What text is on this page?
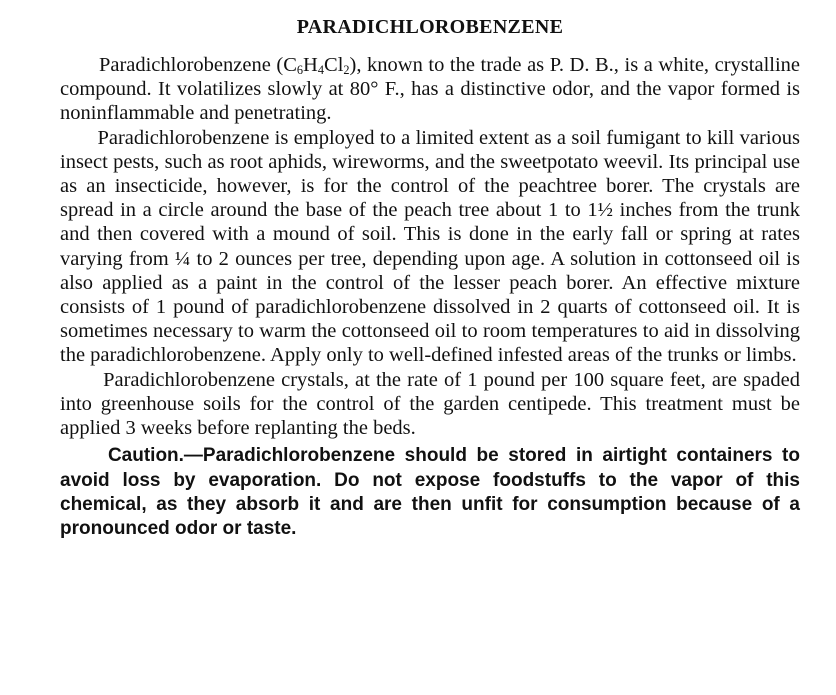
PARADICHLOROBENZENE

Paradichlorobenzene $(C_6H_4Cl_2)$, known to the trade as P. D. B., is a white, crystalline compound. It volatilizes slowly at 80° F., has a distinctive odor, and the vapor formed is noninflammable and penetrating.

Paradichlorobenzene is employed to a limited extent as a soil fumigant to kill various insect pests, such as root aphids, wireworms, and the sweetpotato weevil. Its principal use as an insecticide, however, is for the control of the peachtree borer. The crystals are spread in a circle around the base of the peach tree about 1 to 1½ inches from the trunk and then covered with a mound of soil. This is done in the early fall or spring at rates varying from ¼ to 2 ounces per tree, depending upon age. A solution in cottonseed oil is also applied as a paint in the control of the lesser peach borer. An effective mixture consists of 1 pound of paradichlorobenzene dissolved in 2 quarts of cottonseed oil. It is sometimes necessary to warm the cottonseed oil to room temperatures to aid in dissolving the paradichlorobenzene. Apply only to well-defined infested areas of the trunks or limbs.

Paradichlorobenzene crystals, at the rate of 1 pound per 100 square feet, are spaded into greenhouse soils for the control of the garden centipede. This treatment must be applied 3 weeks before replanting the beds.

Caution.—Paradichlorobenzene should be stored in airtight containers to avoid loss by evaporation. Do not expose foodstuffs to the vapor of this chemical, as they absorb it and are then unfit for consumption because of a pronounced odor or taste.
